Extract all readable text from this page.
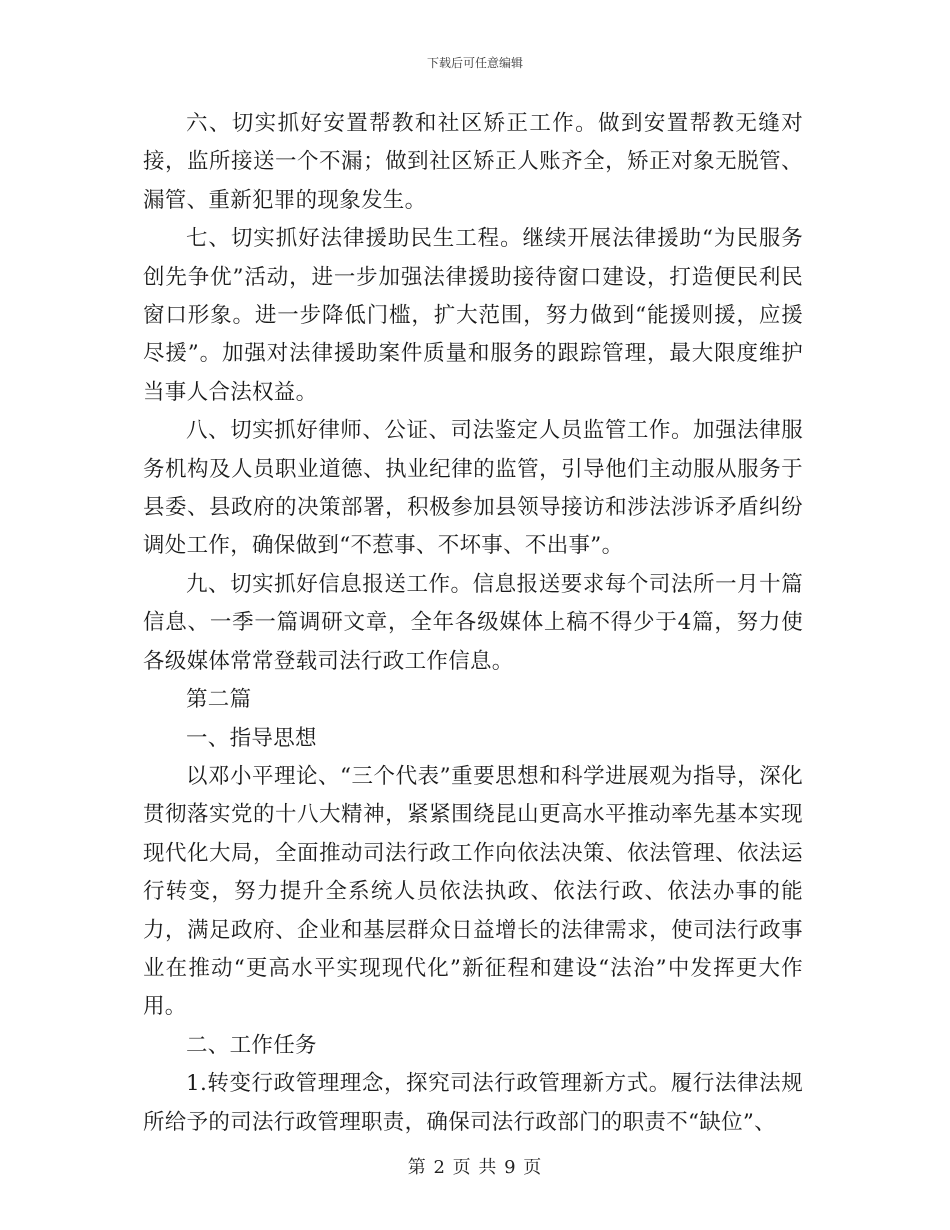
下载后可任意编辑

六、切实抓好安置帮教和社区矫正工作。做到安置帮教无缝对接，监所接送一个不漏；做到社区矫正人账齐全，矫正对象无脱管、漏管、重新犯罪的现象发生。

七、切实抓好法律援助民生工程。继续开展法律援助“为民服务创先争优”活动，进一步加强法律援助接待窗口建设，打造便民利民窗口形象。进一步降低门槛，扩大范围，努力做到“能援则援，应援尽援”。加强对法律援助案件质量和服务的跟踪管理，最大限度维护当事人合法权益。

八、切实抓好律师、公证、司法鉴定人员监管工作。加强法律服务机构及人员职业道德、执业纪律的监管，引导他们主动服从服务于县委、县政府的决策部署，积极参加县领导接访和涉法涉诉矛盾纠纷调处工作，确保做到“不惹事、不坏事、不出事”。

九、切实抓好信息报送工作。信息报送要求每个司法所一月十篇信息、一季一篇调研文章，全年各级媒体上稿不得少于4篇，努力使各级媒体常常登载司法行政工作信息。

第二篇

一、指导思想

以邓小平理论、“三个代表”重要思想和科学进展观为指导，深化贯彻落实党的十八大精神，紧紧围绕昆山更高水平推动率先基本实现现代化大局，全面推动司法行政工作向依法决策、依法管理、依法运行转变，努力提升全系统人员依法执政、依法行政、依法办事的能力，满足政府、企业和基层群众日益增长的法律需求，使司法行政事业在推动“更高水平实现现代化”新征程和建设“法治”中发挥更大作用。

二、工作任务

1.转变行政管理理念，探究司法行政管理新方式。履行法律法规所给予的司法行政管理职责，确保司法行政部门的职责不“缺位”、

第 2 页 共 9 页
